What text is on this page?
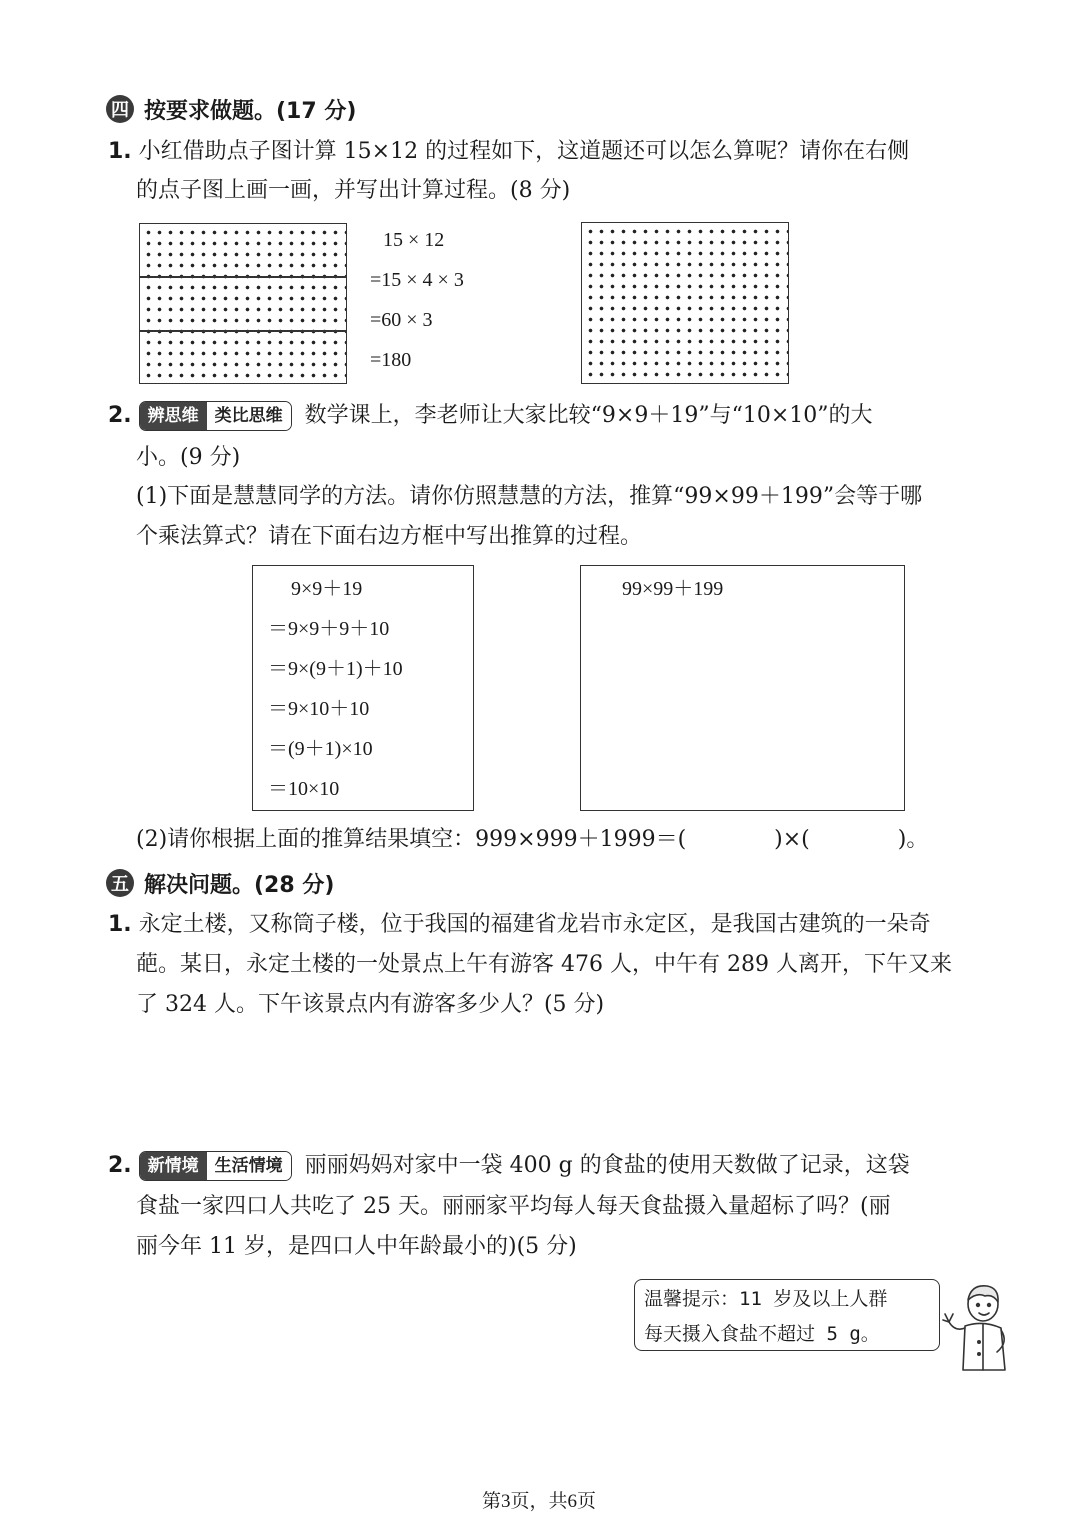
四 按要求做题。(17 分)
1. 小红借助点子图计算 15×12 的过程如下，这道题还可以怎么算呢？请你在右侧
的点子图上画一画，并写出计算过程。(8 分)
15 × 12
=15 × 4 × 3
=60 × 3
=180
2. 辨思维 类比思维	数学课上，李老师让大家比较“9×9＋19”与“10×10”的大
小。(9 分)
(1)下面是慧慧同学的方法。请你仿照慧慧的方法，推算“99×99＋199”会等于哪
个乘法算式？请在下面右边方框中写出推算的过程。
9×9＋19
＝9×9＋9＋10
＝9×(9＋1)＋10
＝9×10＋10
＝(9＋1)×10
＝10×10
99×99＋199
(2)请你根据上面的推算结果填空：999×999＋1999＝(　　　　)×(　　　　)。
五 解决问题。(28 分)
1. 永定土楼，又称筒子楼，位于我国的福建省龙岩市永定区，是我国古建筑的一朵奇
葩。某日，永定土楼的一处景点上午有游客 476 人，中午有 289 人离开，下午又来
了 324 人。下午该景点内有游客多少人？(5 分)
2. 新情境 生活情境	丽丽妈妈对家中一袋 400 g 的食盐的使用天数做了记录，这袋
食盐一家四口人共吃了 25 天。丽丽家平均每人每天食盐摄入量超标了吗？(丽
丽今年 11 岁，是四口人中年龄最小的)(5 分)
温馨提示：11 岁及以上人群
每天摄入食盐不超过 5 g。
第3页，共6页
